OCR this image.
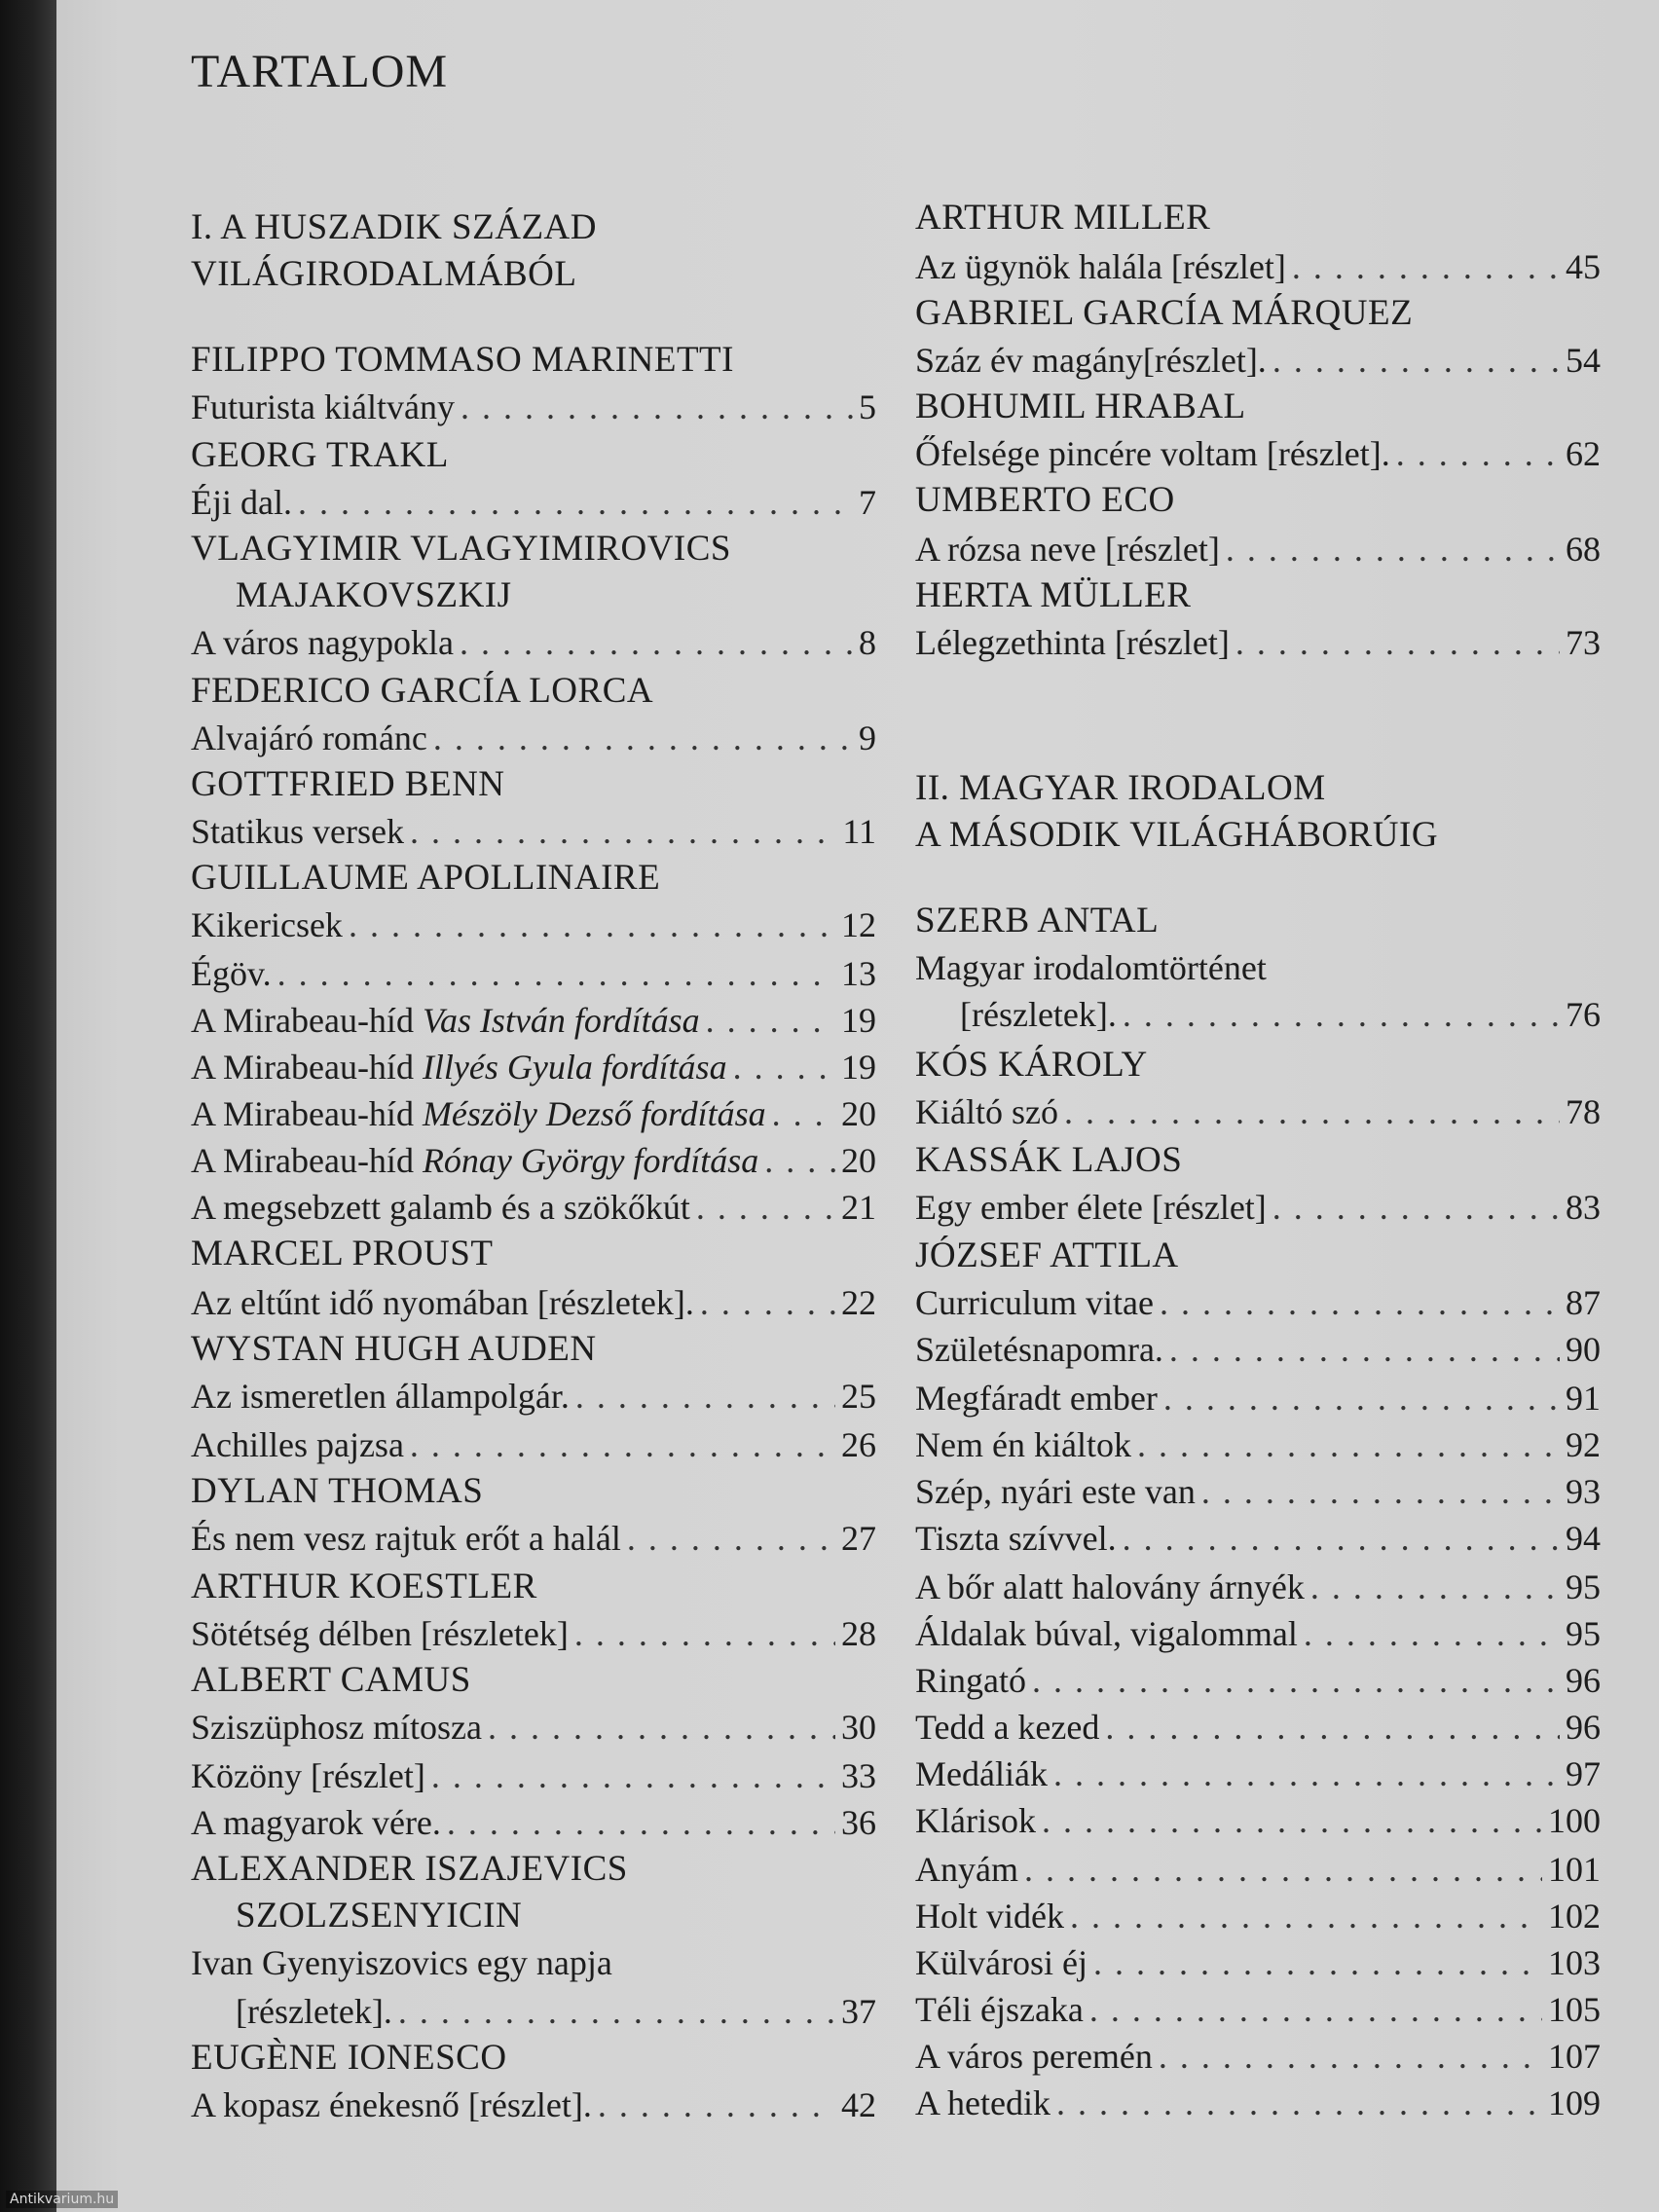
TARTALOM
I. A HUSZADIK SZÁZAD
VILÁGIRODALMÁBÓL
FILIPPO TOMMASO MARINETTI
Futurista kiáltvány . . .	5
GEORG TRAKL
Éji dal. . . .	7
VLAGYIMIR VLAGYIMIROVICS
MAJAKOVSZKIJ
A város nagypokla . . .	8
FEDERICO GARCÍA LORCA
Alvajáró románc . . .	9
GOTTFRIED BENN
Statikus versek . . .	11
GUILLAUME APOLLINAIRE
Kikericsek . . .	12
Égöv. . . .	13
A Mirabeau-híd Vas István fordítása . . .	19
A Mirabeau-híd Illyés Gyula fordítása . . .	19
A Mirabeau-híd Mészöly Dezső fordítása . . . 20
A Mirabeau-híd Rónay György fordítása . . . 20
A megsebzett galamb és a szökőkút . . .	21
MARCEL PROUST
Az eltűnt idő nyomában [részletek]. . . .	22
WYSTAN HUGH AUDEN
Az ismeretlen állampolgár. . . .	25
Achilles pajzsa . . .	26
DYLAN THOMAS
És nem vesz rajtuk erőt a halál . . .	27
ARTHUR KOESTLER
Sötétség délben [részletek] . . .	28
ALBERT CAMUS
Sziszüphosz mítosza . . .	30
Közöny [részlet] . . .	33
A magyarok vére. . . .	36
ALEXANDER ISZAJEVICS
SZOLZSENYICIN
Ivan Gyenyiszovics egy napja
[részletek]. . . .	37
EUGÈNE IONESCO
A kopasz énekesnő [részlet]. . . .	42
ARTHUR MILLER
Az ügynök halála [részlet] . . .	45
GABRIEL GARCÍA MÁRQUEZ
Száz év magány[részlet]. . . .	54
BOHUMIL HRABAL
Őfelsége pincére voltam [részlet]. . . .	62
UMBERTO ECO
A rózsa neve [részlet] . . .	68
HERTA MÜLLER
Lélegzethinta [részlet] . . .	73
II. MAGYAR IRODALOM
A MÁSODIK VILÁGHÁBORÚIG
SZERB ANTAL
Magyar irodalomtörténet
[részletek]. . . .	76
KÓS KÁROLY
Kiáltó szó . . .	78
KASSÁK LAJOS
Egy ember élete [részlet] . . .	83
JÓZSEF ATTILA
Curriculum vitae . . .	87
Születésnapomra. . . .	90
Megfáradt ember . . .	91
Nem én kiáltok . . .	92
Szép, nyári este van . . .	93
Tiszta szívvel. . . .	94
A bőr alatt halovány árnyék . . .	95
Áldalak búval, vigalommal . . .	95
Ringató . . .	96
Tedd a kezed . . .	96
Medáliák . . .	97
Klárisok . . .	100
Anyám . . .	101
Holt vidék . . .	102
Külvárosi éj . . .	103
Téli éjszaka . . .	105
A város peremén . . .	107
A hetedik . . .	109
Antikvarium.hu
